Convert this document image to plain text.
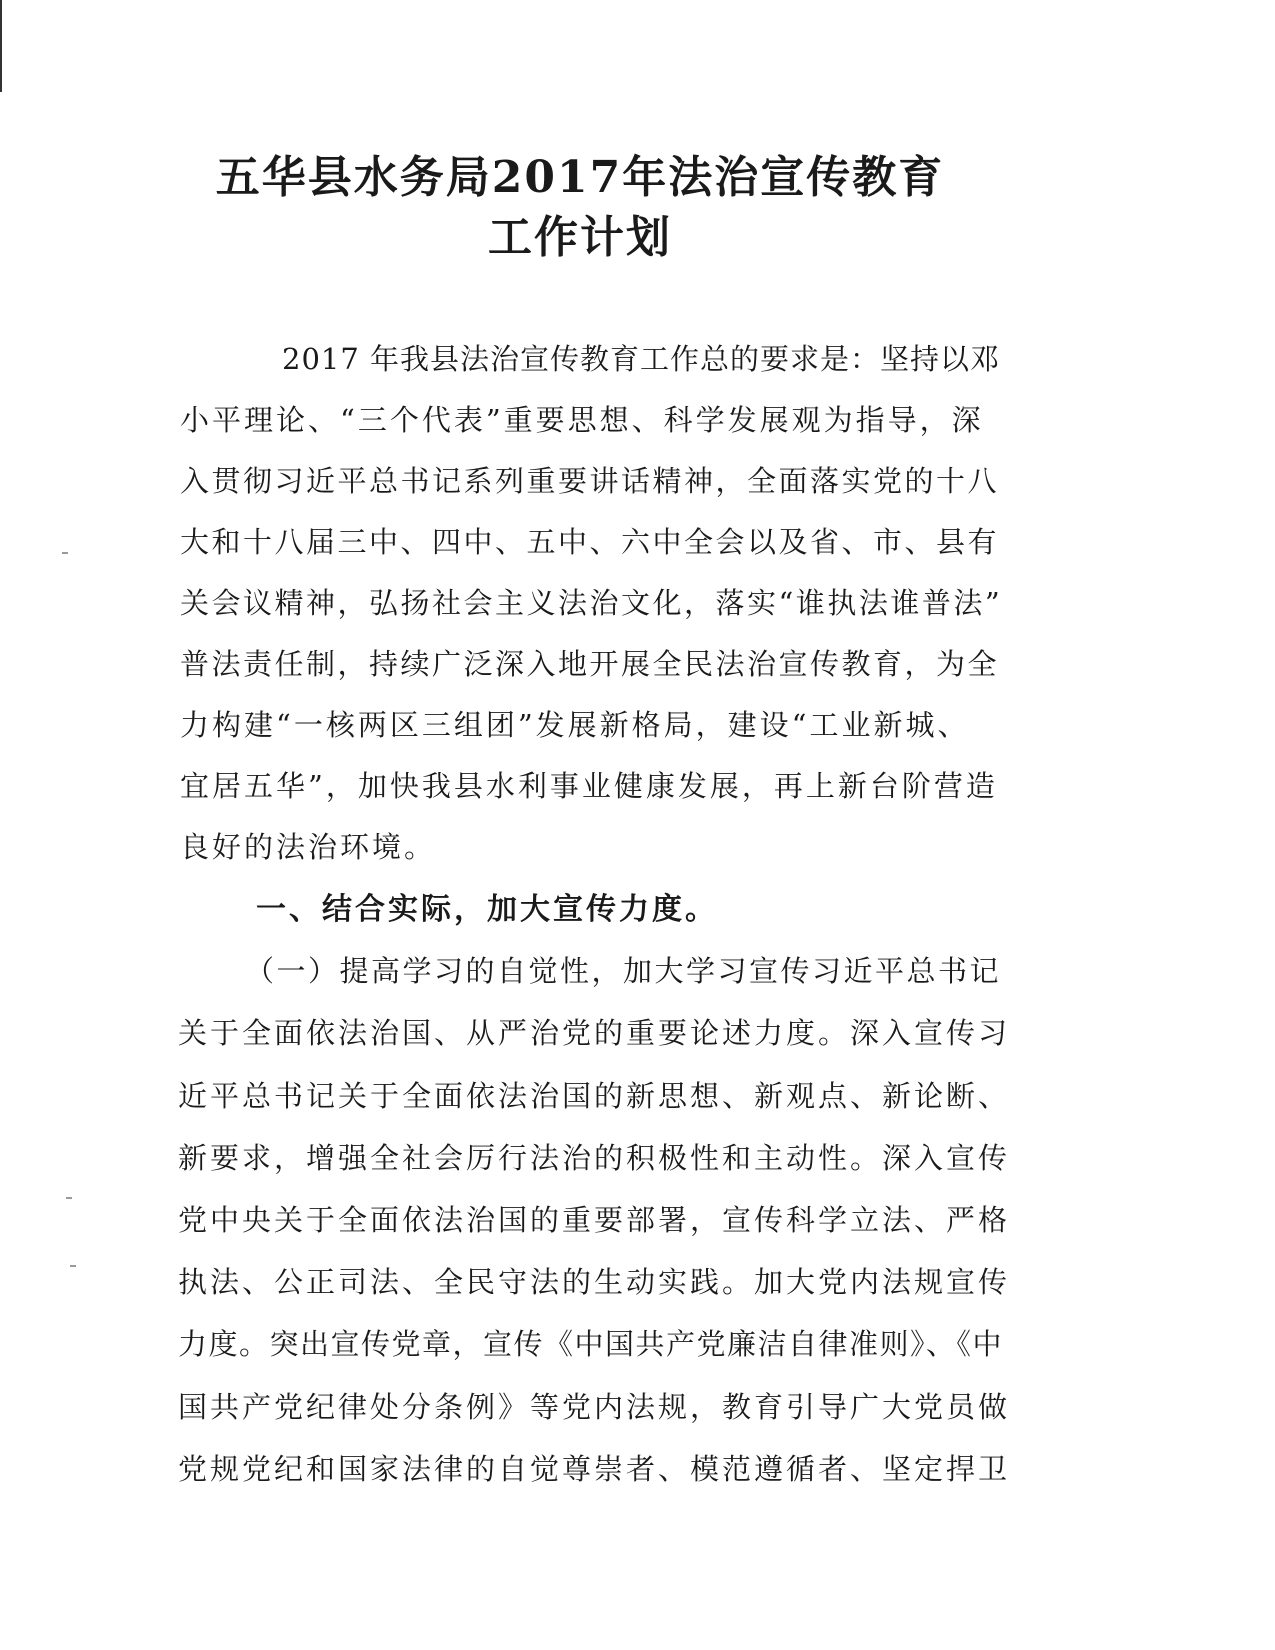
五华县水务局2017年法治宣传教育
工作计划
2017 年我县法治宣传教育工作总的要求是：坚持以邓
小平理论、“三个代表”重要思想、科学发展观为指导，深
入贯彻习近平总书记系列重要讲话精神，全面落实党的十八
大和十八届三中、四中、五中、六中全会以及省、市、县有
关会议精神，弘扬社会主义法治文化，落实“谁执法谁普法”
普法责任制，持续广泛深入地开展全民法治宣传教育，为全
力构建“一核两区三组团”发展新格局，建设“工业新城、
宜居五华”，加快我县水利事业健康发展，再上新台阶营造
良好的法治环境。
一、结合实际，加大宣传力度。
（一）提高学习的自觉性，加大学习宣传习近平总书记
关于全面依法治国、从严治党的重要论述力度。深入宣传习
近平总书记关于全面依法治国的新思想、新观点、新论断、
新要求，增强全社会厉行法治的积极性和主动性。深入宣传
党中央关于全面依法治国的重要部署，宣传科学立法、严格
执法、公正司法、全民守法的生动实践。加大党内法规宣传
力度。突出宣传党章，宣传《中国共产党廉洁自律准则》、《中
国共产党纪律处分条例》等党内法规，教育引导广大党员做
党规党纪和国家法律的自觉尊崇者、模范遵循者、坚定捍卫
